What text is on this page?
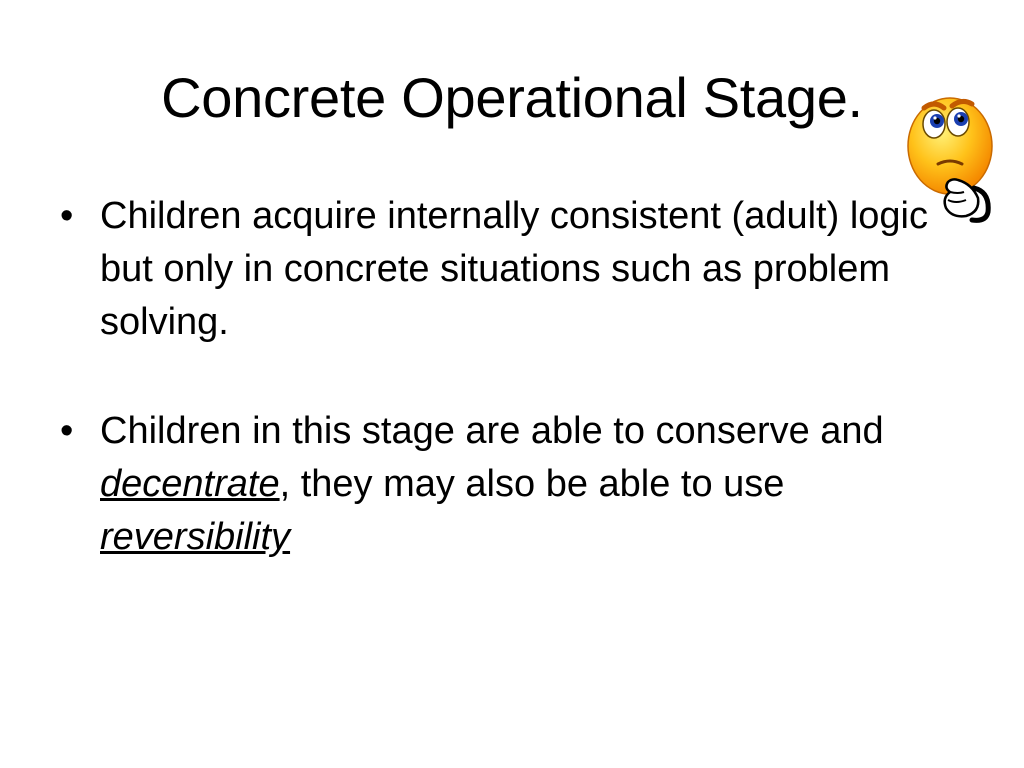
Concrete Operational Stage.
• Children acquire internally consistent (adult) logic but only in concrete situations such as problem solving.
• Children in this stage are able to conserve and decentrate, they may also be able to use reversibility
